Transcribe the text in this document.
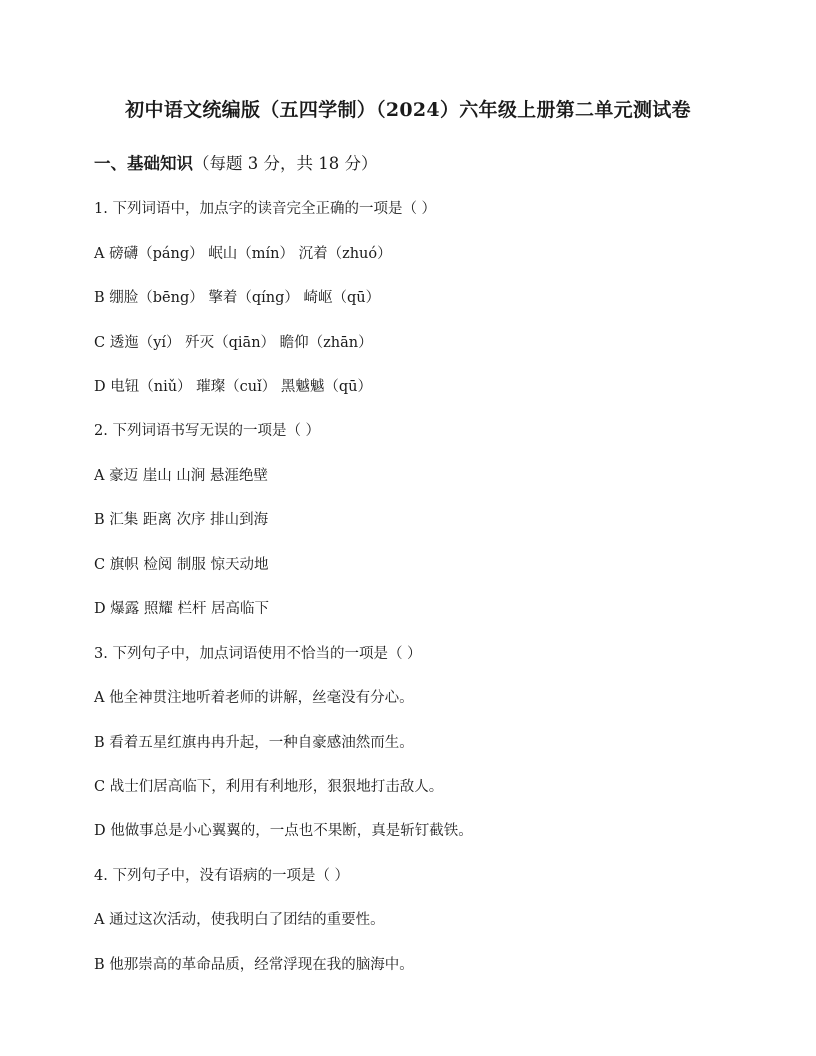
初中语文统编版（五四学制）（2024）六年级上册第二单元测试卷
一、基础知识（每题 3 分，共 18 分）
1. 下列词语中，加点字的读音完全正确的一项是（ ）
A 磅礴（páng） 岷山（mín） 沉着（zhuó）
B 绷脸（bēng） 擎着（qíng） 崎岖（qū）
C 透迤（yí） 歼灭（qiān） 瞻仰（zhān）
D 电钮（niǔ） 璀璨（cuǐ） 黑魆魆（qū）
2. 下列词语书写无误的一项是（ ）
A 豪迈 崖山 山涧 悬涯绝壁
B 汇集 距离 次序 排山到海
C 旗帜 检阅 制服 惊天动地
D 爆露 照耀 栏杆 居高临下
3. 下列句子中，加点词语使用不恰当的一项是（ ）
A 他全神贯注地听着老师的讲解，丝毫没有分心。
B 看着五星红旗冉冉升起，一种自豪感油然而生。
C 战士们居高临下，利用有利地形，狠狠地打击敌人。
D 他做事总是小心翼翼的，一点也不果断，真是斩钉截铁。
4. 下列句子中，没有语病的一项是（ ）
A 通过这次活动，使我明白了团结的重要性。
B 他那崇高的革命品质，经常浮现在我的脑海中。
